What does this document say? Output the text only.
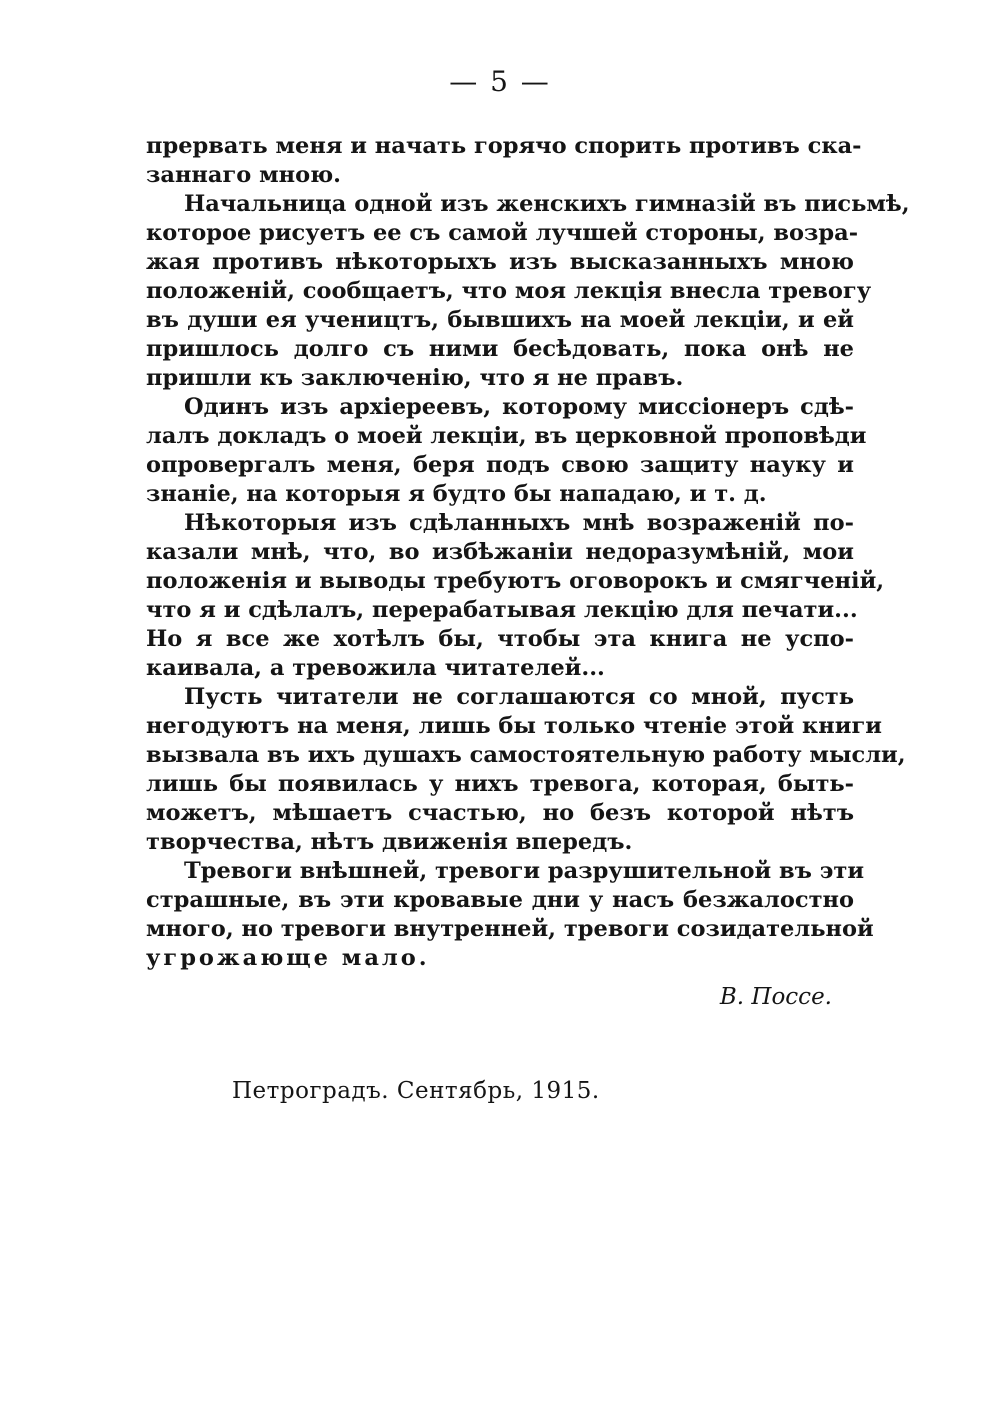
— 5 —
прервать меня и начать горячо спорить противъ ска-
заннаго мною.
Начальница одной изъ женскихъ гимназій въ письмѣ,
которое рисуетъ ее съ самой лучшей стороны, возра-
жая противъ нѣкоторыхъ изъ высказанныхъ мною
положеній, сообщаетъ, что моя лекція внесла тревогу
въ души ея учеництъ, бывшихъ на моей лекціи, и ей
пришлось долго съ ними бесѣдовать, пока онѣ не
пришли къ заключенію, что я не правъ.
Одинъ изъ архіереевъ, которому миссіонеръ сдѣ-
лалъ докладъ о моей лекціи, въ церковной проповѣди
опровергалъ меня, беря подъ свою защиту науку и
знаніе, на которыя я будто бы нападаю, и т. д.
Нѣкоторыя изъ сдѣланныхъ мнѣ возраженій по-
казали мнѣ, что, во избѣжаніи недоразумѣній, мои
положенія и выводы требуютъ оговорокъ и смягченій,
что я и сдѣлалъ, перерабатывая лекцію для печати...
Но я все же хотѣлъ бы, чтобы эта книга не успо-
каивала, а тревожила читателей...
Пусть читатели не соглашаются со мной, пусть
негодуютъ на меня, лишь бы только чтеніе этой книги
вызвала въ ихъ душахъ самостоятельную работу мысли,
лишь бы появилась у нихъ тревога, которая, быть-
можетъ, мѣшаетъ счастью, но безъ которой нѣтъ
творчества, нѣтъ движенія впередъ.
Тревоги внѣшней, тревоги разрушительной въ эти
страшные, въ эти кровавые дни у насъ безжалостно
много, но тревоги внутренней, тревоги созидательной
угрожающе мало.
В. Поссе.
Петроградъ. Сентябрь, 1915.
